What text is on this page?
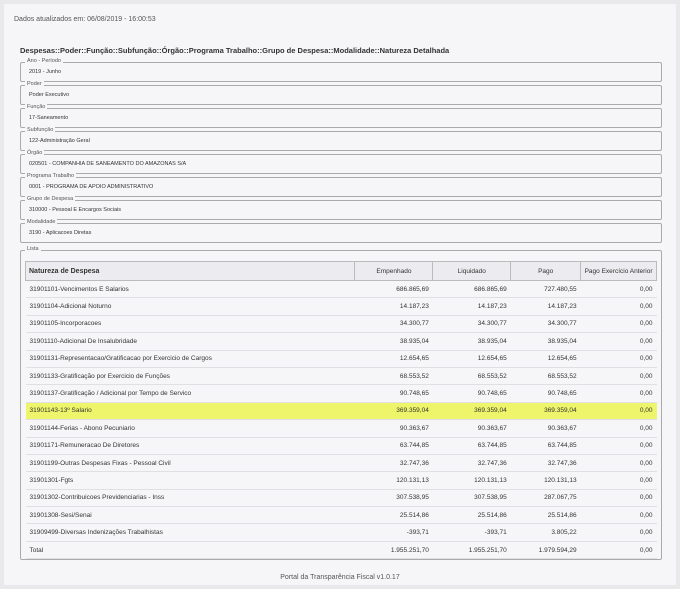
Dados atualizados em: 06/08/2019 - 16:00:53
Despesas::Poder::Função::Subfunção::Órgão::Programa Trabalho::Grupo de Despesa::Modalidade::Natureza Detalhada
Ano - Período
2019 - Junho
Poder
Poder Executivo
Função
17-Saneamento
Subfunção
122-Administração Geral
Órgão
020501 - COMPANHIA DE SANEAMENTO DO AMAZONAS S/A
Programa Trabalho
0001 - PROGRAMA DE APOIO ADMINISTRATIVO
Grupo de Despesa
310000 - Pessoal E Encargos Sociais
Modalidade
3190 - Aplicacoes Diretas
Lista
Natureza de Despesa	Empenhado	Liquidado	Pago	Pago Exercício Anterior
31901101-Vencimentos E Salarios	686.865,69	686.865,69	727.480,55	0,00
31901104-Adicional Noturno	14.187,23	14.187,23	14.187,23	0,00
31901105-Incorporacoes	34.300,77	34.300,77	34.300,77	0,00
31901110-Adicional De Insalubridade	38.935,04	38.935,04	38.935,04	0,00
31901131-Representacao/Gratificacao por Exercicio de Cargos	12.654,65	12.654,65	12.654,65	0,00
31901133-Gratificação por Exercicio de Funções	68.553,52	68.553,52	68.553,52	0,00
31901137-Gratificação / Adicional por Tempo de Servico	90.748,65	90.748,65	90.748,65	0,00
31901143-13º Salario	369.359,04	369.359,04	369.359,04	0,00
31901144-Ferias - Abono Pecuniario	90.363,67	90.363,67	90.363,67	0,00
31901171-Remuneracao De Diretores	63.744,85	63.744,85	63.744,85	0,00
31901199-Outras Despesas Fixas - Pessoal Civil	32.747,36	32.747,36	32.747,36	0,00
31901301-Fgts	120.131,13	120.131,13	120.131,13	0,00
31901302-Contribuicoes Previdenciarias - Inss	307.538,95	307.538,95	287.067,75	0,00
31901308-Sesi/Senai	25.514,86	25.514,86	25.514,86	0,00
31909499-Diversas Indenizações Trabalhistas	-393,71	-393,71	3.805,22	0,00
Total	1.955.251,70	1.955.251,70	1.979.594,29	0,00
Portal da Transparência Fiscal v1.0.17
